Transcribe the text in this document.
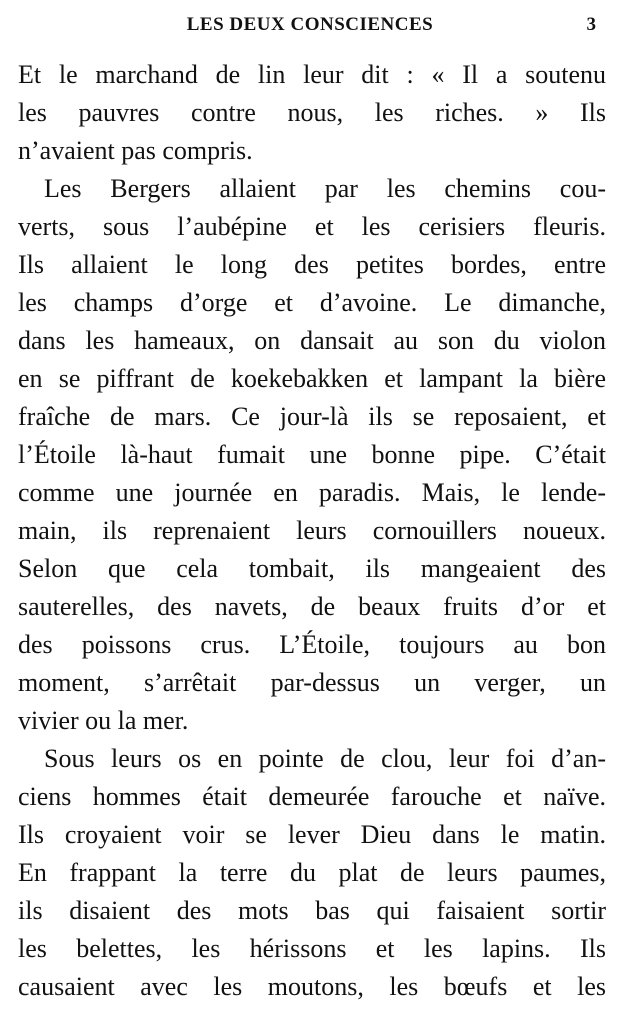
LES DEUX CONSCIENCES	3
Et le marchand de lin leur dit : « Il a soutenu
les pauvres contre nous, les riches. » Ils
n’avaient pas compris.
Les Bergers allaient par les chemins cou-
verts, sous l’aubépine et les cerisiers fleuris.
Ils allaient le long des petites bordes, entre
les champs d’orge et d’avoine. Le dimanche,
dans les hameaux, on dansait au son du violon
en se piffrant de koekebakken et lampant la bière
fraîche de mars. Ce jour-là ils se reposaient, et
l’Étoile là-haut fumait une bonne pipe. C’était
comme une journée en paradis. Mais, le lende-
main, ils reprenaient leurs cornouillers noueux.
Selon que cela tombait, ils mangeaient des
sauterelles, des navets, de beaux fruits d’or et
des poissons crus. L’Étoile, toujours au bon
moment, s’arrêtait par-dessus un verger, un
vivier ou la mer.
Sous leurs os en pointe de clou, leur foi d’an-
ciens hommes était demeurée farouche et naïve.
Ils croyaient voir se lever Dieu dans le matin.
En frappant la terre du plat de leurs paumes,
ils disaient des mots bas qui faisaient sortir
les belettes, les hérissons et les lapins. Ils
causaient avec les moutons, les bœufs et les
